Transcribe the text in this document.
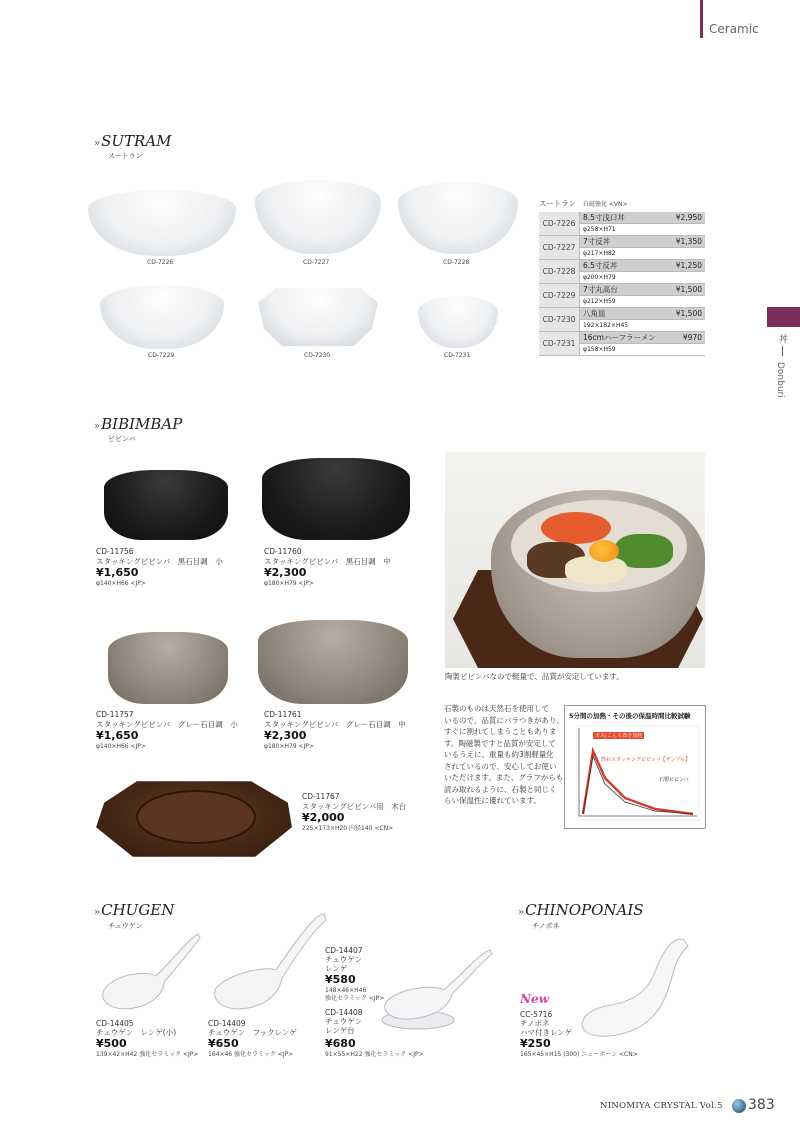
Ceramic
丼
Donburi
» SUTRAM
スートラン
CD-7226	CD-7227	CD-7228
CD-7229	CD-7230	CD-7231
スートラン 白磁強化 <VN>
CD-7226	8.5寸浅口丼	¥2,950
	φ258×H71	
CD-7227	7寸反丼	¥1,350
	φ217×H82	
CD-7228	6.5寸反丼	¥1,250
	φ200×H79	
CD-7229	7寸丸高台	¥1,500
	φ212×H59	
CD-7230	八角皿	¥1,500
	192×182×H45	
CD-7231	16cmハーフラーメン	¥970
	φ158×H59	
» BIBIMBAP
ビビンバ
CD-11756
スタッキングビビンバ　黒石目調　小
¥1,650
φ140×H66 <JP>
CD-11760
スタッキングビビンバ　黒石目調　中
¥2,300
φ180×H79 <JP>
CD-11757
スタッキングビビンバ　グレー石目調　小
¥1,650
φ140×H66 <JP>
CD-11761
スタッキングビビンバ　グレー石目調　中
¥2,300
φ180×H79 <JP>
CD-11767
スタッキングビビンバ用　木台
¥2,000
225×173×H20 内径140 <CN>
陶製ビビンバなので軽量で、品質が安定しています。
石製のものは天然石を使用して
いるので、品質にバラつきがあり、
すぐに割れてしまうこともありま
す。陶磁製ですと品質が安定して
いるうえに、重量も約3割軽量化
されているので、安心してお使い
いただけます。また、グラフからも
読み取れるように、石製と同じく
らい保温性に優れています。
5分間の加熱・その後の保温時間比較試験
ガス(こんろ)5分加熱
弊社スタッキングビビンバ【ザンプル】
石製ビビンバ
» CHUGEN
チュウゲン
CD-14405
チュウゲン　レンゲ(小)
¥500
139×42×H42 強化セラミック <JP>
CD-14409
チュウゲン　フックレンゲ
¥650
164×46 強化セラミック <JP>
CD-14407
チュウゲン
レンゲ
¥580
148×46×H46
強化セラミック <JP>
CD-14408
チュウゲン
レンゲ台
¥680
91×55×H22 強化セラミック <JP>
» CHINOPONAIS
チノポネ
New
CC-5716
チノポネ
ハマ付きレンゲ
¥250
165×45×H15 (300) ニューボーン <CN>
NINOMIYA CRYSTAL Vol.5 383
